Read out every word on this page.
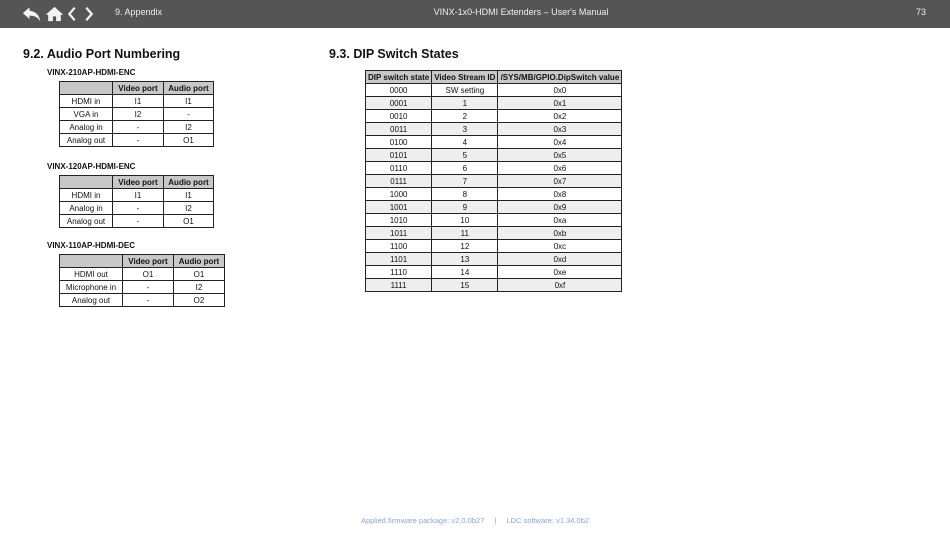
9. Appendix	VINX-1x0-HDMI Extenders – User's Manual	73
9.2. Audio Port Numbering
VINX-210AP-HDMI-ENC
	Video port	Audio port
HDMI in	I1	I1
VGA in	I2	-
Analog in	-	I2
Analog out	-	O1
VINX-120AP-HDMI-ENC
	Video port	Audio port
HDMI in	I1	I1
Analog in	-	I2
Analog out	-	O1
VINX-110AP-HDMI-DEC
	Video port	Audio port
HDMI out	O1	O1
Microphone in	-	I2
Analog out	-	O2
9.3. DIP Switch States
DIP switch state	Video Stream ID	/SYS/MB/GPIO.DipSwitch value
0000	SW setting	0x0
0001	1	0x1
0010	2	0x2
0011	3	0x3
0100	4	0x4
0101	5	0x5
0110	6	0x6
0111	7	0x7
1000	8	0x8
1001	9	0x9
1010	10	0xa
1011	11	0xb
1100	12	0xc
1101	13	0xd
1110	14	0xe
1111	15	0xf
Applied firmware package: v2.0.0b27 | LDC software: v1.34.0b2
